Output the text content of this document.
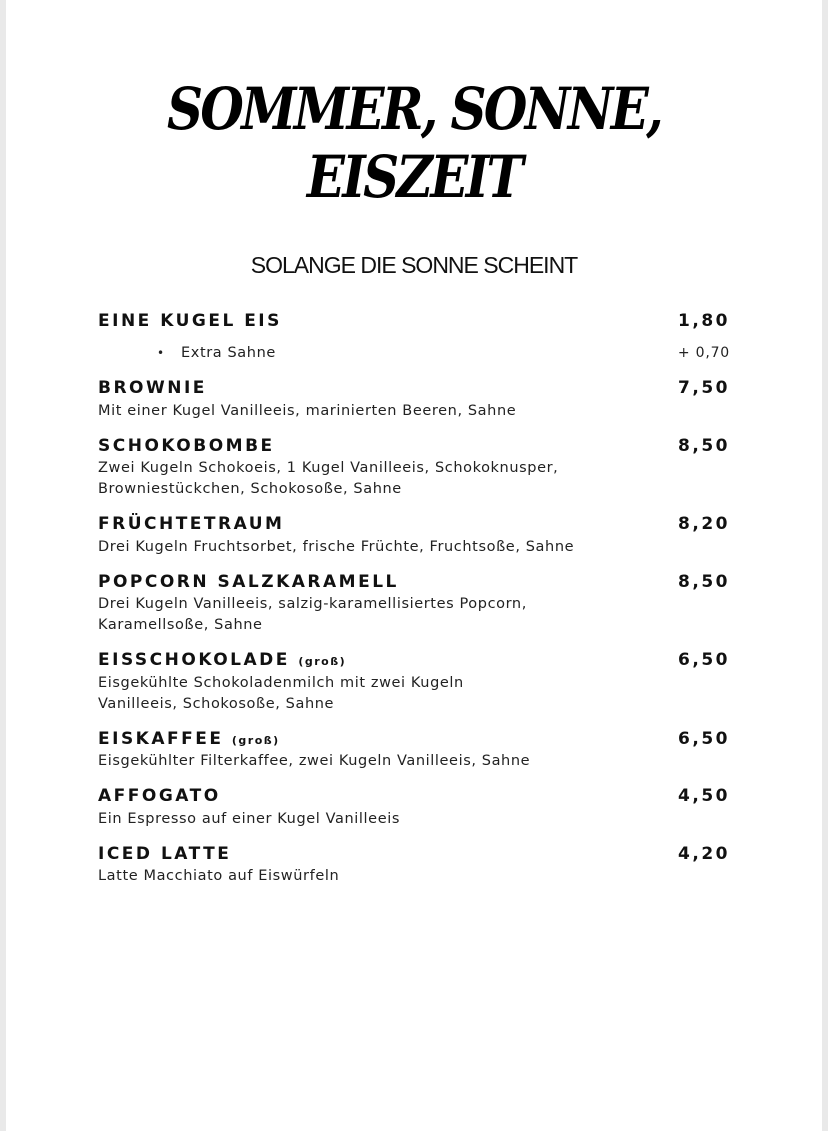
SOMMER, SONNE,
EISZEIT
SOLANGE DIE SONNE SCHEINT
EINE KUGEL EIS	1,80
• Extra Sahne	+ 0,70
BROWNIE	7,50
Mit einer Kugel Vanilleeis, marinierten Beeren, Sahne
SCHOKOBOMBE	8,50
Zwei Kugeln Schokoeis, 1 Kugel Vanilleeis, Schokoknusper,
Browniestückchen, Schokosoße, Sahne
FRÜCHTETRAUM	8,20
Drei Kugeln Fruchtsorbet, frische Früchte, Fruchtsoße, Sahne
POPCORN SALZKARAMELL	8,50
Drei Kugeln Vanilleeis, salzig-karamellisiertes Popcorn,
Karamellsoße, Sahne
EISSCHOKOLADE (groß)	6,50
Eisgekühlte Schokoladenmilch mit zwei Kugeln
Vanilleeis, Schokosoße, Sahne
EISKAFFEE (groß)	6,50
Eisgekühlter Filterkaffee, zwei Kugeln Vanilleeis, Sahne
AFFOGATO	4,50
Ein Espresso auf einer Kugel Vanilleeis
ICED LATTE	4,20
Latte Macchiato auf Eiswürfeln
